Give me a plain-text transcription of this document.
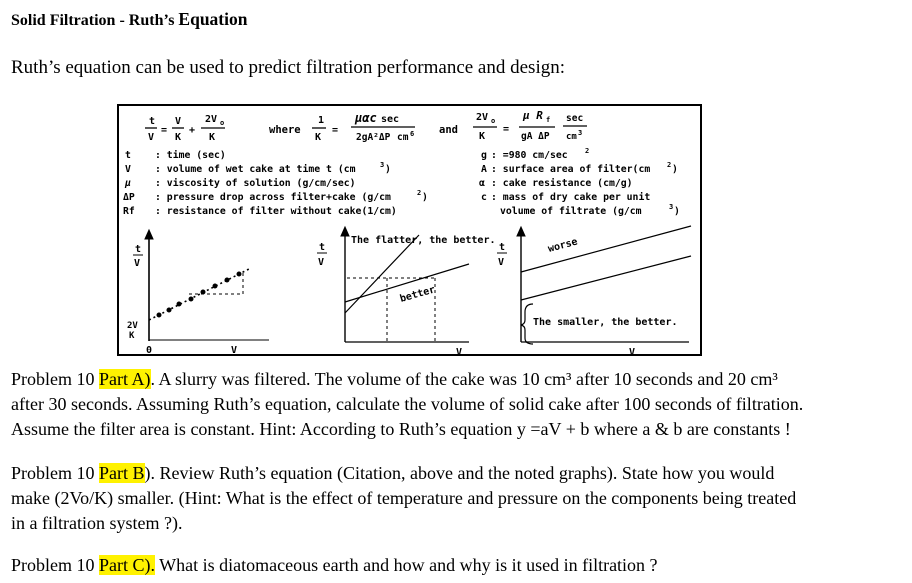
Solid Filtration - Ruth’s Equation
Ruth’s equation can be used to predict filtration performance and design:
t
V
=
V
K
+
2V o
K
where
1
K
=
µαc sec
2gA²ΔP cm 6 and
2V o
K
=
µ R f
gA ΔP
sec
cm 3
t : time (sec)
V : volume of wet cake at time t (cm	3 )
µ : viscosity of solution (g/cm/sec)
ΔP : pressure drop across filter+cake (g/cm	2 )
Rf : resistance of filter without cake(1/cm)
g : =980 cm/sec 2
A : surface area of filter(cm 2 )
α : cake resistance (cm/g)
c : mass of dry cake per unit
volume of filtrate (g/cm	3 )
t
V
2V
K
0	V
t
V
better
V
The flatter, the better.
t
V
worse
The smaller, the better.
V
Problem 10 Part A). A slurry was filtered. The volume of the cake was 10 cm³ after 10 seconds and 20 cm³
after 30 seconds. Assuming Ruth’s equation, calculate the volume of solid cake after 100 seconds of filtration.
Assume the filter area is constant. Hint: According to Ruth’s equation y =aV + b where a & b are constants !
Problem 10 Part B). Review Ruth’s equation (Citation, above and the noted graphs). State how you would
make (2Vo/K) smaller. (Hint: What is the effect of temperature and pressure on the components being treated
in a filtration system ?).
Problem 10 Part C). What is diatomaceous earth and how and why is it used in filtration ?
